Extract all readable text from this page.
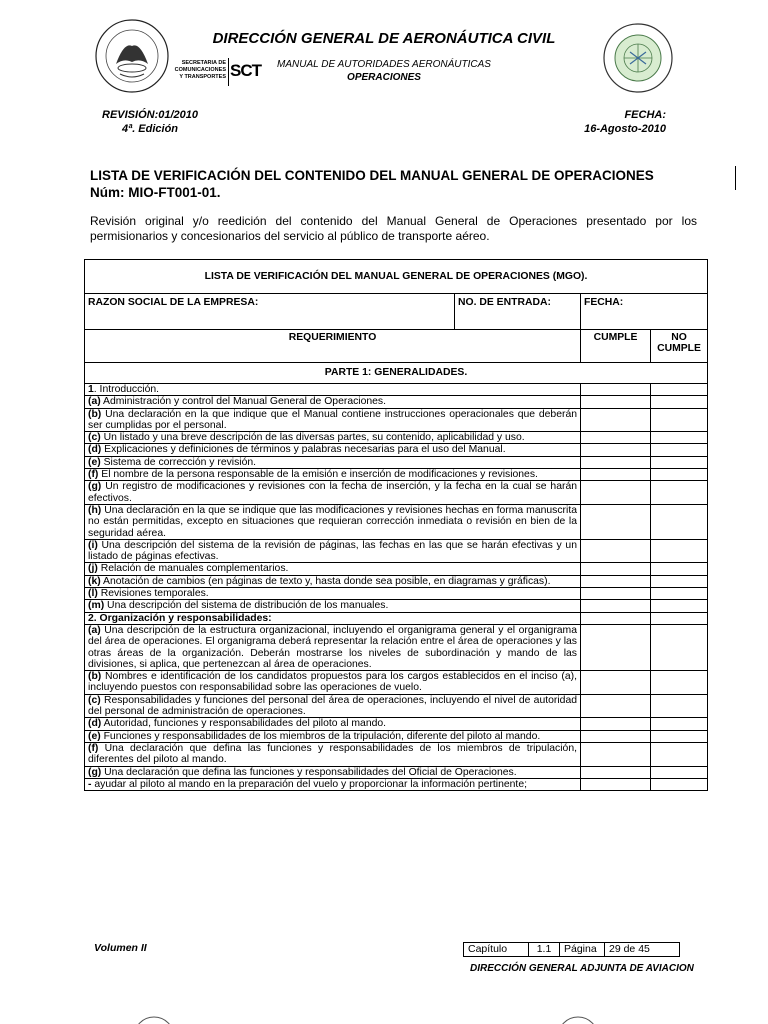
SECRETARIA DE
COMUNICACIONES
Y TRANSPORTES SCT
DIRECCIÓN GENERAL DE AERONÁUTICA CIVIL
MANUAL DE AUTORIDADES AERONÁUTICAS
OPERACIONES
REVISIÓN:01/2010
4ª. Edición
FECHA:
16-Agosto-2010
LISTA DE VERIFICACIÓN DEL CONTENIDO DEL MANUAL GENERAL DE OPERACIONES
Núm: MIO-FT001-01.
Revisión original y/o reedición del contenido del Manual General de Operaciones presentado por los permisionarios y concesionarios del servicio al público de transporte aéreo.
LISTA DE VERIFICACIÓN DEL MANUAL GENERAL DE OPERACIONES (MGO).			
RAZON SOCIAL DE LA EMPRESA:	NO. DE ENTRADA:	FECHA:	
REQUERIMIENTO		CUMPLE	NO CUMPLE
PARTE 1: GENERALIDADES.			
1. Introducción.			
(a) Administración y control del Manual General de Operaciones.			
(b) Una declaración en la que indique que el Manual contiene instrucciones operacionales que deberán ser cumplidas por el personal.			
(c) Un listado y una breve descripción de las diversas partes, su contenido, aplicabilidad y uso.			
(d) Explicaciones y definiciones de términos y palabras necesarias para el uso del Manual.			
(e) Sistema de corrección y revisión.			
(f) El nombre de la persona responsable de la emisión e inserción de modificaciones y revisiones.			
(g) Un registro de modificaciones y revisiones con la fecha de inserción, y la fecha en la cual se harán efectivos.			
(h) Una declaración en la que se indique que las modificaciones y revisiones hechas en forma manuscrita no están permitidas, excepto en situaciones que requieran corrección inmediata o revisión en bien de la seguridad aérea.			
(i) Una descripción del sistema de la revisión de páginas, las fechas en las que se harán efectivas y un listado de páginas efectivas.			
(j) Relación de manuales complementarios.			
(k) Anotación de cambios (en páginas de texto y, hasta donde sea posible, en diagramas y gráficas).			
(l) Revisiones temporales.			
(m) Una descripción del sistema de distribución de los manuales.			
2. Organización y responsabilidades:			
(a) Una descripción de la estructura organizacional, incluyendo el organigrama general y el organigrama del área de operaciones. El organigrama deberá representar la relación entre el área de operaciones y las otras áreas de la organización. Deberán mostrarse los niveles de subordinación y mando de las divisiones, si aplica, que pertenezcan al área de operaciones.			
(b) Nombres e identificación de los candidatos propuestos para los cargos establecidos en el inciso (a), incluyendo puestos con responsabilidad sobre las operaciones de vuelo.			
(c) Responsabilidades y funciones del personal del área de operaciones, incluyendo el nivel de autoridad del personal de administración de operaciones.			
(d) Autoridad, funciones y responsabilidades del piloto al mando.			
(e) Funciones y responsabilidades de los miembros de la tripulación, diferente del piloto al mando.			
(f) Una declaración que defina las funciones y responsabilidades de los miembros de tripulación, diferentes del piloto al mando.			
(g) Una declaración que defina las funciones y responsabilidades del Oficial de Operaciones.			
- ayudar al piloto al mando en la preparación del vuelo y proporcionar la información pertinente;			
Volumen II	Capítulo	1.1	Página	29 de 45
DIRECCIÓN GENERAL ADJUNTA DE AVIACION
